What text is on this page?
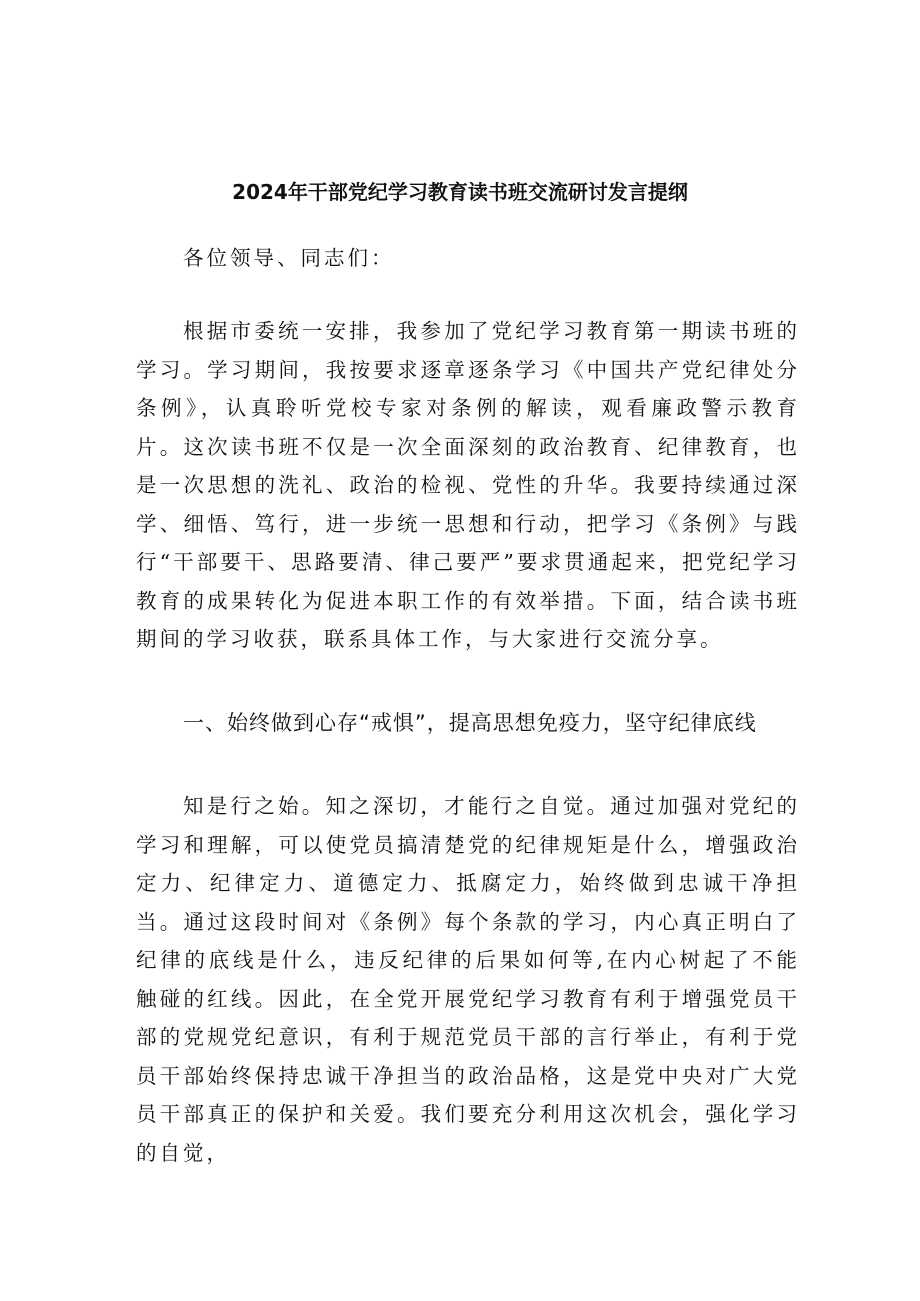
2024年干部党纪学习教育读书班交流研讨发言提纲

各位领导、同志们：

根据市委统一安排，我参加了党纪学习教育第一期读书班的学习。学习期间，我按要求逐章逐条学习《中国共产党纪律处分条例》，认真聆听党校专家对条例的解读，观看廉政警示教育片。这次读书班不仅是一次全面深刻的政治教育、纪律教育，也是一次思想的洗礼、政治的检视、党性的升华。我要持续通过深学、细悟、笃行，进一步统一思想和行动，把学习《条例》与践行“干部要干、思路要清、律己要严”要求贯通起来，把党纪学习教育的成果转化为促进本职工作的有效举措。下面，结合读书班期间的学习收获，联系具体工作，与大家进行交流分享。

一、始终做到心存“戒惧”，提高思想免疫力，坚守纪律底线

知是行之始。知之深切，才能行之自觉。通过加强对党纪的学习和理解，可以使党员搞清楚党的纪律规矩是什么，增强政治定力、纪律定力、道德定力、抵腐定力，始终做到忠诚干净担当。通过这段时间对《条例》每个条款的学习，内心真正明白了纪律的底线是什么，违反纪律的后果如何等,在内心树起了不能触碰的红线。因此，在全党开展党纪学习教育有利于增强党员干部的党规党纪意识，有利于规范党员干部的言行举止，有利于党员干部始终保持忠诚干净担当的政治品格，这是党中央对广大党员干部真正的保护和关爱。我们要充分利用这次机会，强化学习的自觉，
